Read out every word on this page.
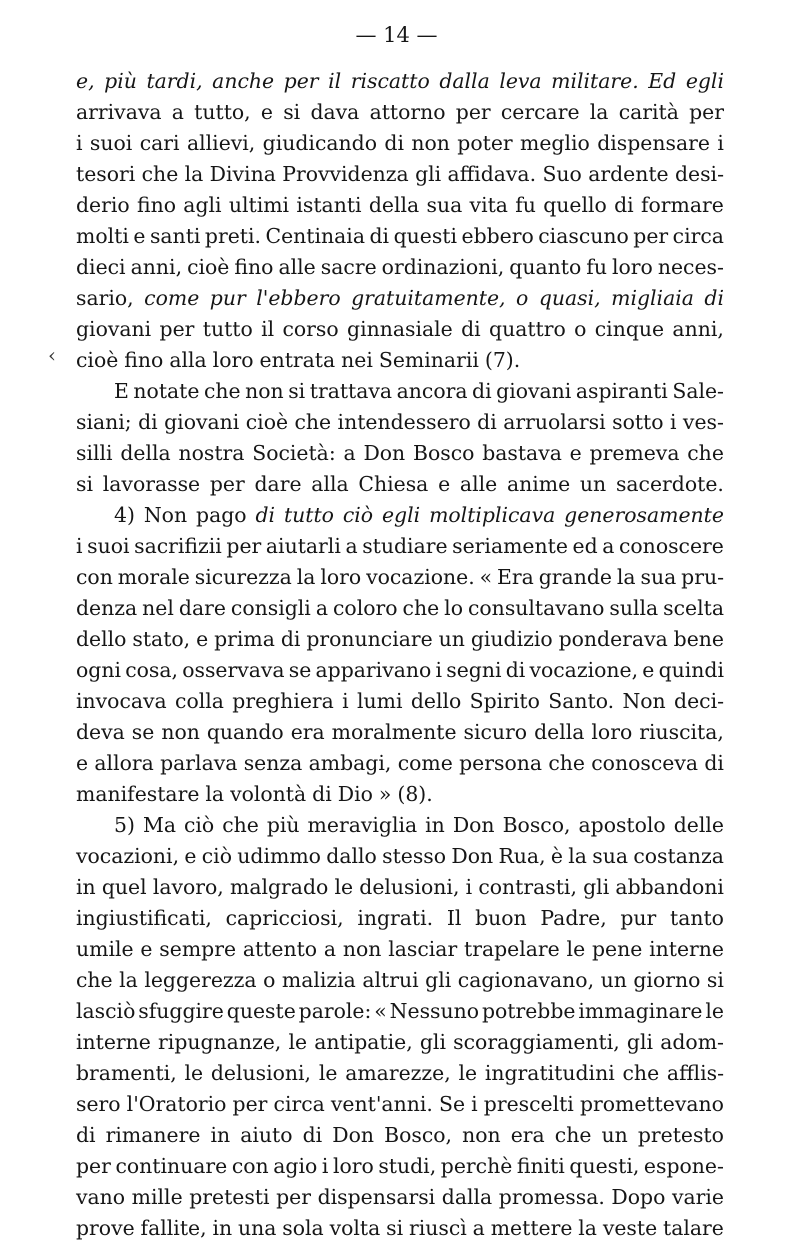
— 14 —
‹
e, più tardi, anche per il riscatto dalla leva militare. Ed egli
arrivava a tutto, e si dava attorno per cercare la carità per
i suoi cari allievi, giudicando di non poter meglio dispensare i
tesori che la Divina Provvidenza gli affidava. Suo ardente desi-
derio fino agli ultimi istanti della sua vita fu quello di formare
molti e santi preti. Centinaia di questi ebbero ciascuno per circa
dieci anni, cioè fino alle sacre ordinazioni, quanto fu loro neces-
sario, come pur l'ebbero gratuitamente, o quasi, migliaia di
giovani per tutto il corso ginnasiale di quattro o cinque anni,
cioè fino alla loro entrata nei Seminarii (7).
E notate che non si trattava ancora di giovani aspiranti Sale-
siani; di giovani cioè che intendessero di arruolarsi sotto i ves-
silli della nostra Società: a Don Bosco bastava e premeva che
si lavorasse per dare alla Chiesa e alle anime un sacerdote.
4) Non pago di tutto ciò egli moltiplicava generosamente
i suoi sacrifizii per aiutarli a studiare seriamente ed a conoscere
con morale sicurezza la loro vocazione. « Era grande la sua pru-
denza nel dare consigli a coloro che lo consultavano sulla scelta
dello stato, e prima di pronunciare un giudizio ponderava bene
ogni cosa, osservava se apparivano i segni di vocazione, e quindi
invocava colla preghiera i lumi dello Spirito Santo. Non deci-
deva se non quando era moralmente sicuro della loro riuscita,
e allora parlava senza ambagi, come persona che conosceva di
manifestare la volontà di Dio » (8).
5) Ma ciò che più meraviglia in Don Bosco, apostolo delle
vocazioni, e ciò udimmo dallo stesso Don Rua, è la sua costanza
in quel lavoro, malgrado le delusioni, i contrasti, gli abbandoni
ingiustificati, capricciosi, ingrati. Il buon Padre, pur tanto
umile e sempre attento a non lasciar trapelare le pene interne
che la leggerezza o malizia altrui gli cagionavano, un giorno si
lasciò sfuggire queste parole: « Nessuno potrebbe immaginare le
interne ripugnanze, le antipatie, gli scoraggiamenti, gli adom-
bramenti, le delusioni, le amarezze, le ingratitudini che afflis-
sero l'Oratorio per circa vent'anni. Se i prescelti promettevano
di rimanere in aiuto di Don Bosco, non era che un pretesto
per continuare con agio i loro studi, perchè finiti questi, espone-
vano mille pretesti per dispensarsi dalla promessa. Dopo varie
prove fallite, in una sola volta si riuscì a mettere la veste talare
